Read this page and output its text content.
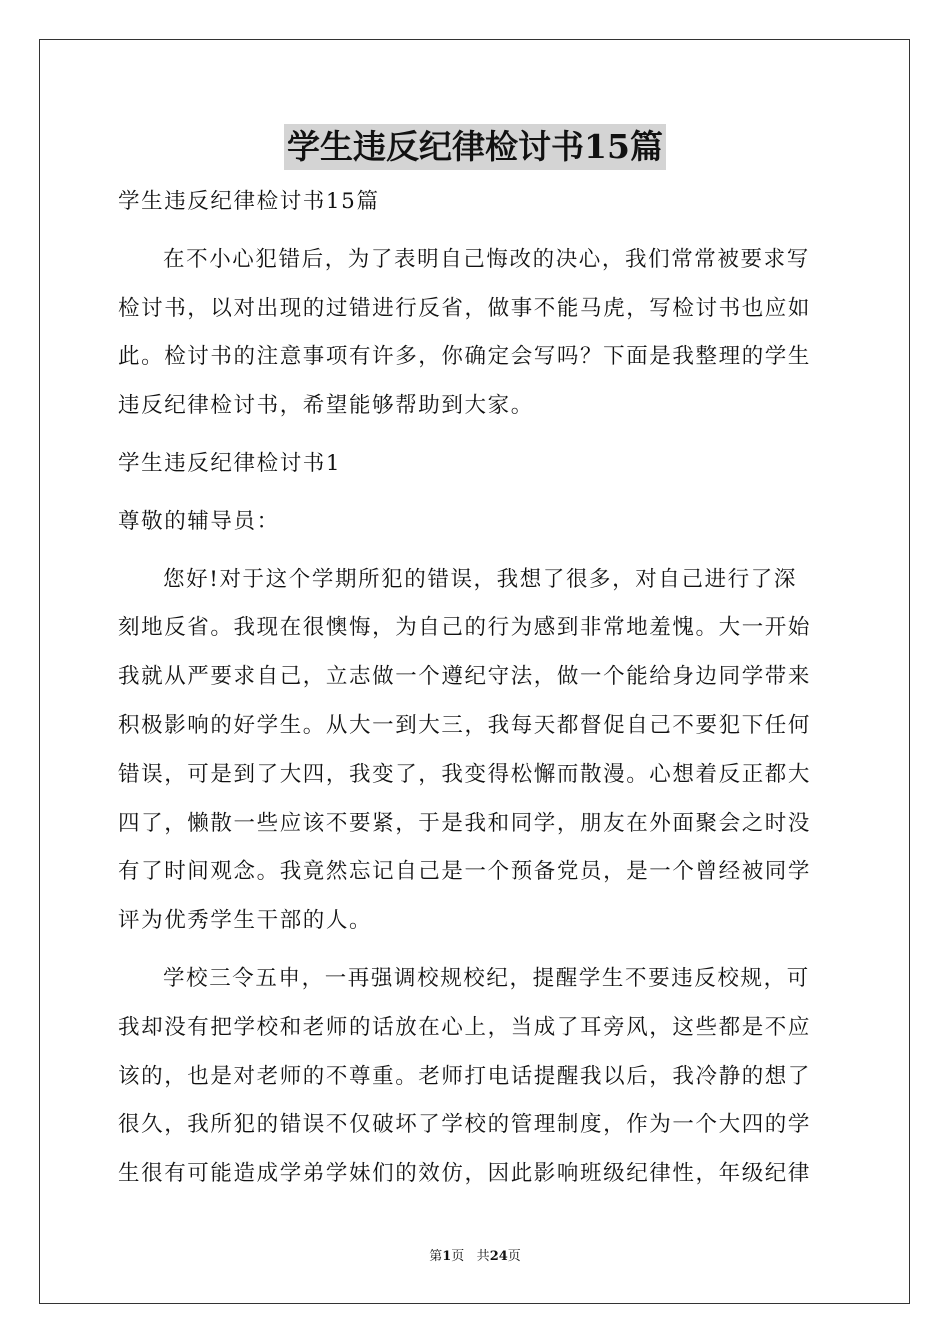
学生违反纪律检讨书15篇

学生违反纪律检讨书15篇

在不小心犯错后，为了表明自己悔改的决心，我们常常被要求写

检讨书，以对出现的过错进行反省，做事不能马虎，写检讨书也应如

此。检讨书的注意事项有许多，你确定会写吗？下面是我整理的学生

违反纪律检讨书，希望能够帮助到大家。

学生违反纪律检讨书1

尊敬的辅导员：

您好!对于这个学期所犯的错误，我想了很多，对自己进行了深

刻地反省。我现在很懊悔，为自己的行为感到非常地羞愧。大一开始

我就从严要求自己，立志做一个遵纪守法，做一个能给身边同学带来

积极影响的好学生。从大一到大三，我每天都督促自己不要犯下任何

错误，可是到了大四，我变了，我变得松懈而散漫。心想着反正都大

四了，懒散一些应该不要紧，于是我和同学，朋友在外面聚会之时没

有了时间观念。我竟然忘记自己是一个预备党员，是一个曾经被同学

评为优秀学生干部的人。

学校三令五申，一再强调校规校纪，提醒学生不要违反校规，可

我却没有把学校和老师的话放在心上，当成了耳旁风，这些都是不应

该的，也是对老师的不尊重。老师打电话提醒我以后，我冷静的想了

很久，我所犯的错误不仅破坏了学校的管理制度，作为一个大四的学

生很有可能造成学弟学妹们的效仿，因此影响班级纪律性，年级纪律

第1页 共24页
